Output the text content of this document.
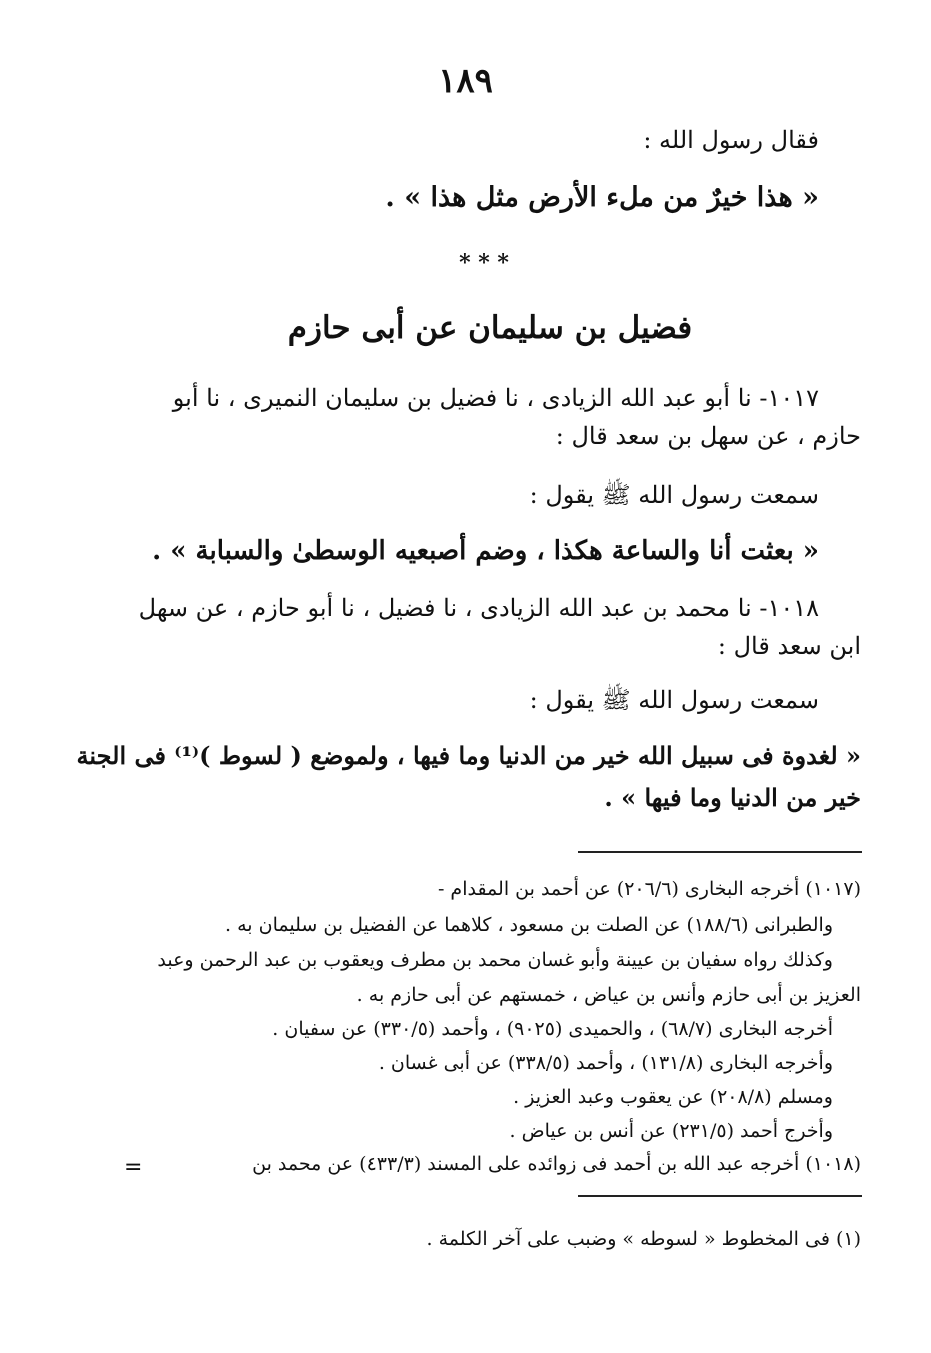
١٨٩

فقال رسول الله :

« هذا خيرٌ من ملء الأرض مثل هذا » .

* * *

فضيل بن سليمان عن أبى حازم

١٠١٧- نا أبو عبد الله الزيادى ، نا فضيل بن سليمان النميرى ، نا أبو

حازم ، عن سهل بن سعد قال :

سمعت رسول الله ﷺ يقول :

« بعثت أنا والساعة هكذا ، وضم أصبعيه الوسطىٰ والسبابة » .

١٠١٨- نا محمد بن عبد الله الزيادى ، نا فضيل ، نا أبو حازم ، عن سهل

ابن سعد قال :

سمعت رسول الله ﷺ يقول :

« لغدوة فى سبيل الله خير من الدنيا وما فيها ، ولموضع ( لسوط )⁽¹⁾ فى الجنة

خير من الدنيا وما فيها » .

(١٠١٧) أخرجه البخارى (٢٠٦/٦) عن أحمد بن المقدام -

والطبرانى (١٨٨/٦) عن الصلت بن مسعود ، كلاهما عن الفضيل بن سليمان به .

وكذلك رواه سفيان بن عيينة وأبو غسان محمد بن مطرف ويعقوب بن عبد الرحمن وعبد

العزيز بن أبى حازم وأنس بن عياض ، خمستهم عن أبى حازم به .

أخرجه البخارى (٦٨/٧) ، والحميدى (٩٠٢٥) ، وأحمد (٣٣٠/٥) عن سفيان .

وأخرجه البخارى (١٣١/٨) ، وأحمد (٣٣٨/٥) عن أبى غسان .

ومسلم (٢٠٨/٨) عن يعقوب وعبد العزيز .

وأخرج أحمد (٢٣١/٥) عن أنس بن عياض .

(١٠١٨) أخرجه عبد الله بن أحمد فى زوائده على المسند (٤٣٣/٣) عن محمد بن

=

(١) فى المخطوط « لسوطه » وضبب على آخر الكلمة .
